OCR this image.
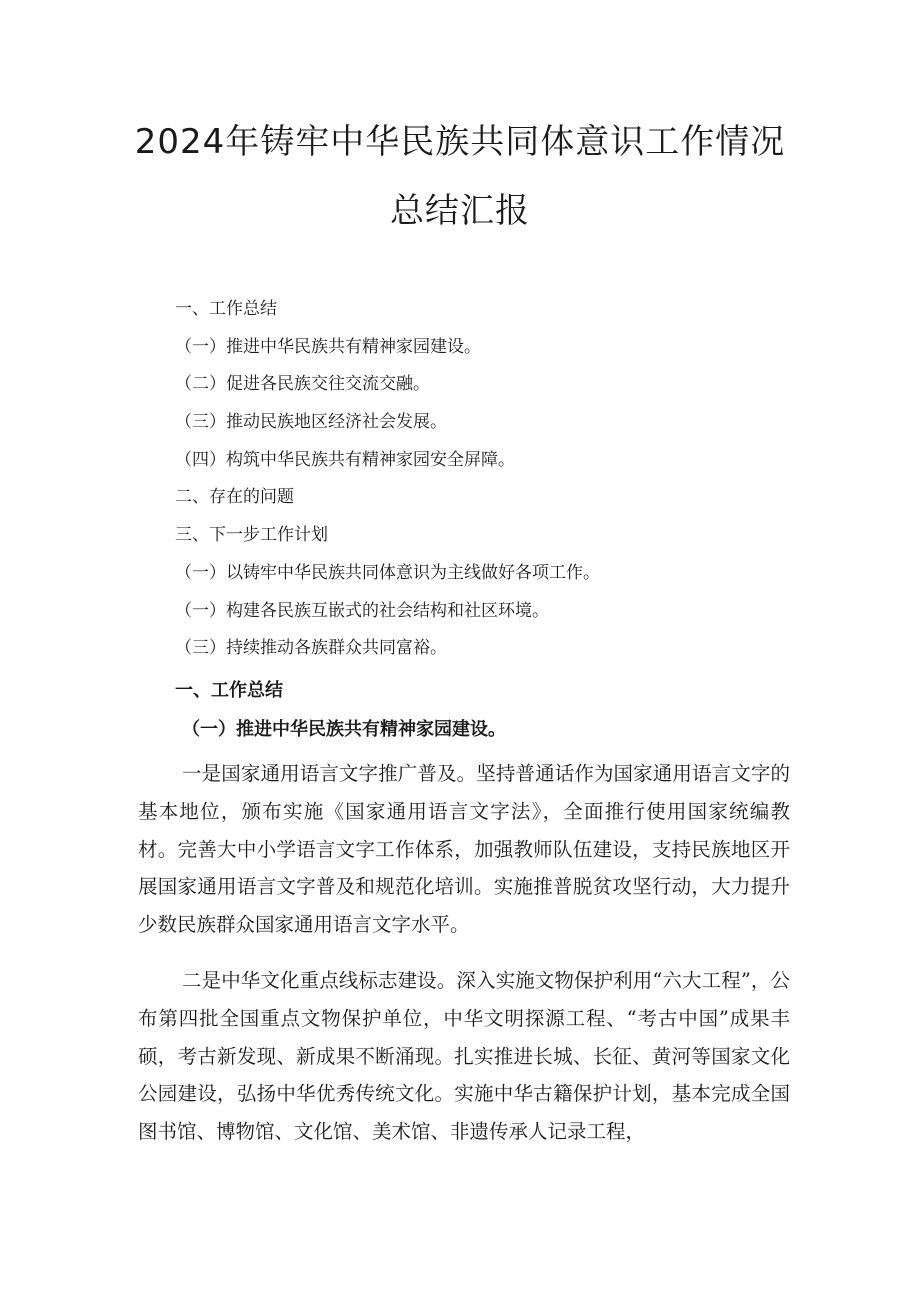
2024年铸牢中华民族共同体意识工作情况
总结汇报
一、工作总结
（一）推进中华民族共有精神家园建设。
（二）促进各民族交往交流交融。
（三）推动民族地区经济社会发展。
（四）构筑中华民族共有精神家园安全屏障。
二、存在的问题
三、下一步工作计划
（一）以铸牢中华民族共同体意识为主线做好各项工作。
（一）构建各民族互嵌式的社会结构和社区环境。
（三）持续推动各族群众共同富裕。
一、工作总结
（一）推进中华民族共有精神家园建设。

一是国家通用语言文字推广普及。坚持普通话作为国家通用语言文字的基本地位，颁布实施《国家通用语言文字法》，全面推行使用国家统编教材。完善大中小学语言文字工作体系，加强教师队伍建设，支持民族地区开展国家通用语言文字普及和规范化培训。实施推普脱贫攻坚行动，大力提升少数民族群众国家通用语言文字水平。

二是中华文化重点线标志建设。深入实施文物保护利用“六大工程”，公布第四批全国重点文物保护单位，中华文明探源工程、“考古中国”成果丰硕，考古新发现、新成果不断涌现。扎实推进长城、长征、黄河等国家文化公园建设，弘扬中华优秀传统文化。实施中华古籍保护计划，基本完成全国图书馆、博物馆、文化馆、美术馆、非遗传承人记录工程，
